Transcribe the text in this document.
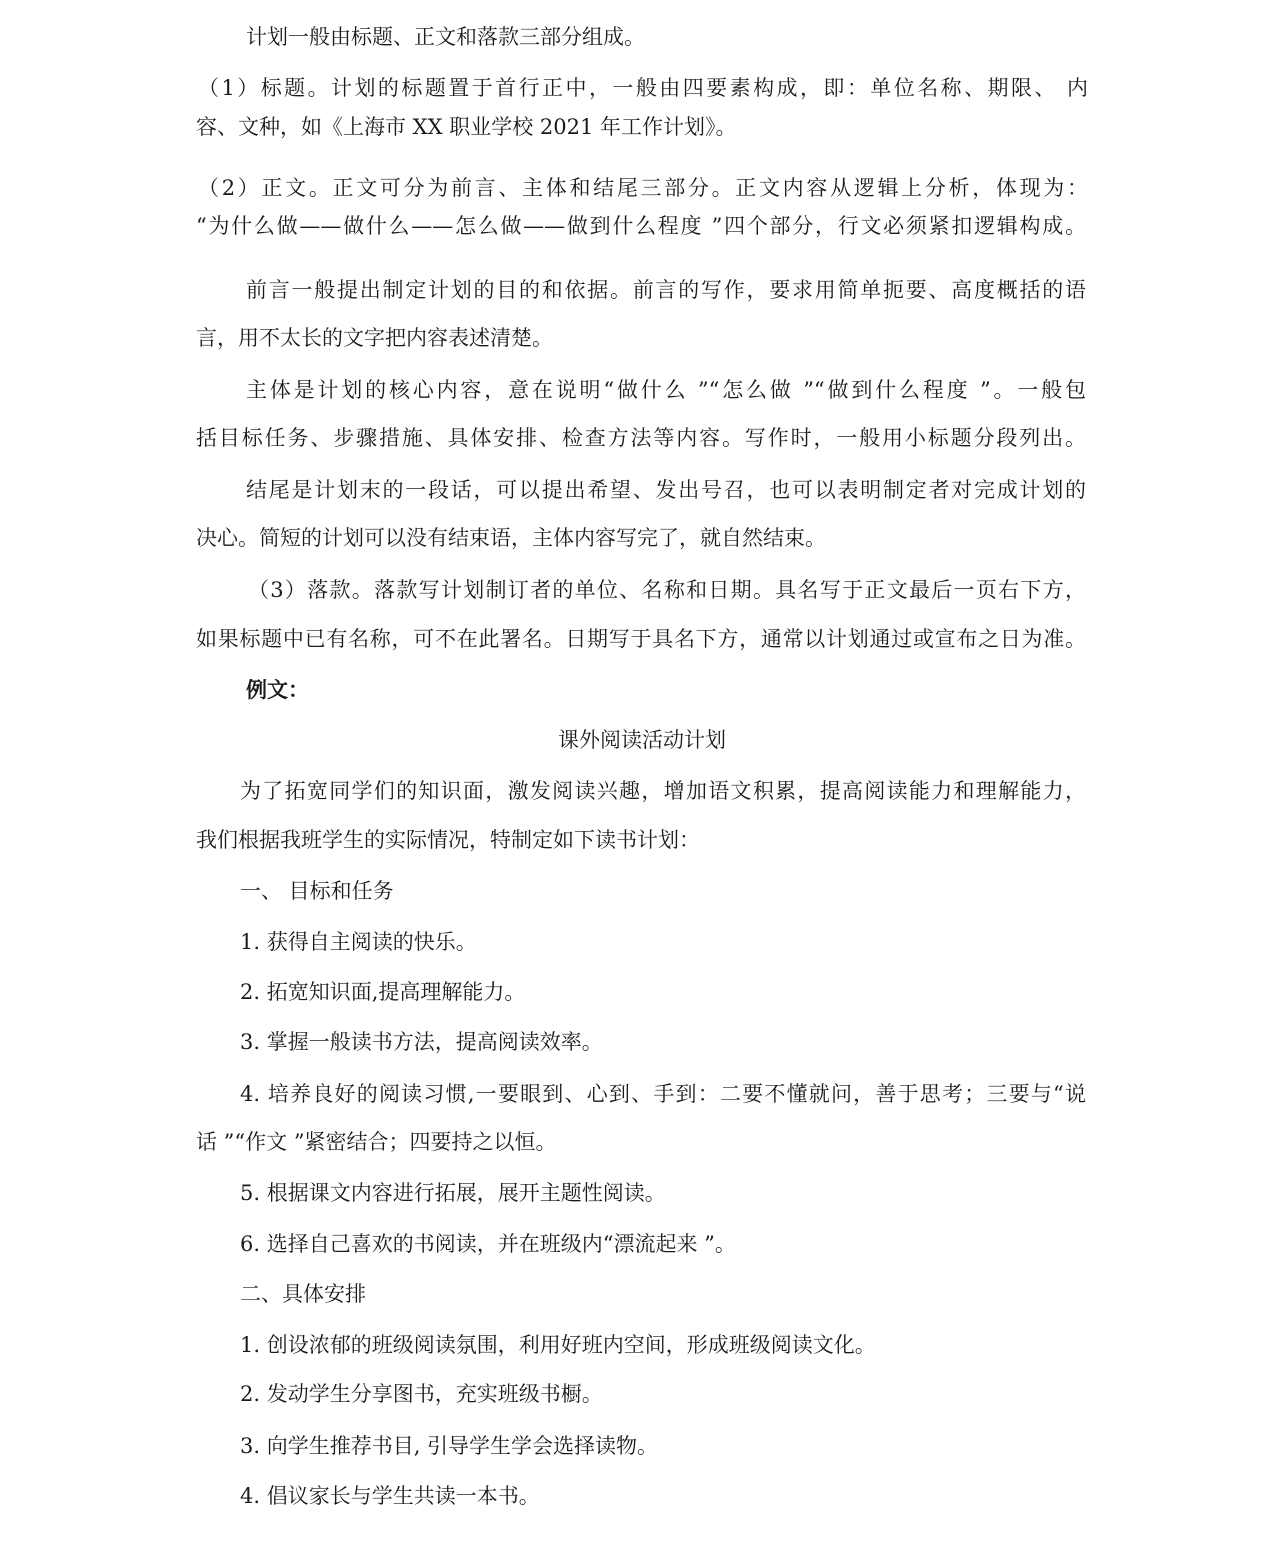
计划一般由标题、正文和落款三部分组成。
（1）标题。计划的标题置于首行正中，一般由四要素构成，即：单位名称、期限、 内
容、文种，如《上海市 XX 职业学校 2021 年工作计划》。
（2）正文。正文可分为前言、主体和结尾三部分。正文内容从逻辑上分析，体现为：
“为什么做——做什么——怎么做——做到什么程度 ”四个部分，行文必须紧扣逻辑构成。
前言一般提出制定计划的目的和依据。前言的写作，要求用简单扼要、高度概括的语
言，用不太长的文字把内容表述清楚。
主体是计划的核心内容，意在说明“做什么 ”“怎么做 ”“做到什么程度 ”。一般包
括目标任务、步骤措施、具体安排、检查方法等内容。写作时，一般用小标题分段列出。
结尾是计划末的一段话，可以提出希望、发出号召，也可以表明制定者对完成计划的
决心。简短的计划可以没有结束语，主体内容写完了，就自然结束。
（3）落款。落款写计划制订者的单位、名称和日期。具名写于正文最后一页右下方，
如果标题中已有名称，可不在此署名。日期写于具名下方，通常以计划通过或宣布之日为准。
例文：
课外阅读活动计划
为了拓宽同学们的知识面，激发阅读兴趣，增加语文积累，提高阅读能力和理解能力，
我们根据我班学生的实际情况，特制定如下读书计划：
一、 目标和任务
1. 获得自主阅读的快乐。
2. 拓宽知识面,提高理解能力。
3. 掌握一般读书方法，提高阅读效率。
4. 培养良好的阅读习惯,一要眼到、心到、手到：二要不懂就问，善于思考；三要与“说
话 ”“作文 ”紧密结合；四要持之以恒。
5. 根据课文内容进行拓展，展开主题性阅读。
6. 选择自己喜欢的书阅读，并在班级内“漂流起来 ”。
二、具体安排
1. 创设浓郁的班级阅读氛围，利用好班内空间，形成班级阅读文化。
2. 发动学生分享图书，充实班级书橱。
3. 向学生推荐书目, 引导学生学会选择读物。
4. 倡议家长与学生共读一本书。
